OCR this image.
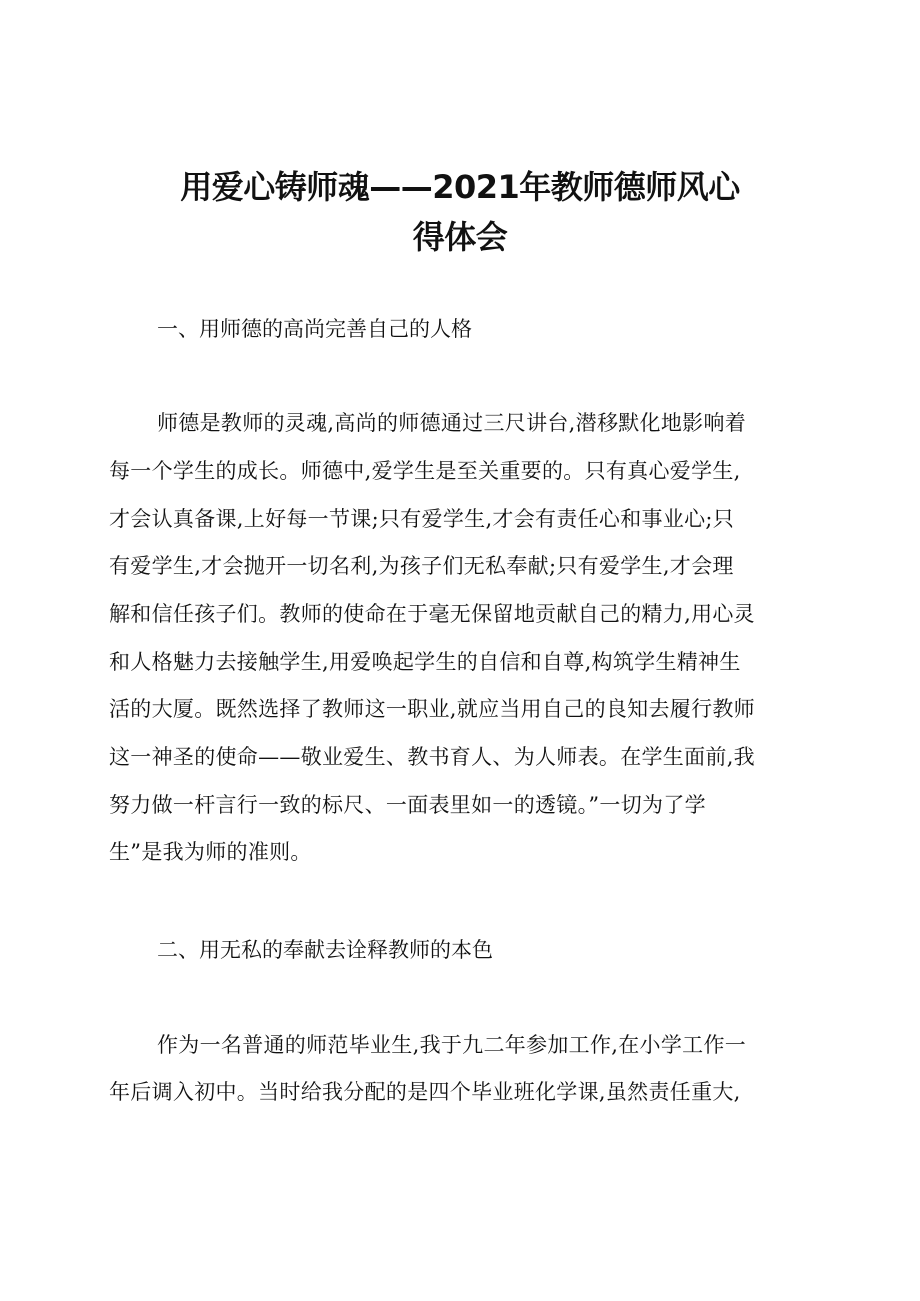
用爱心铸师魂——2021年教师德师风心
得体会

一、用师德的高尚完善自己的人格

师德是教师的灵魂,高尚的师德通过三尺讲台,潜移默化地影响着

每一个学生的成长。师德中,爱学生是至关重要的。只有真心爱学生,

才会认真备课,上好每一节课;只有爱学生,才会有责任心和事业心;只

有爱学生,才会抛开一切名利,为孩子们无私奉献;只有爱学生,才会理

解和信任孩子们。教师的使命在于毫无保留地贡献自己的精力,用心灵

和人格魅力去接触学生,用爱唤起学生的自信和自尊,构筑学生精神生

活的大厦。既然选择了教师这一职业,就应当用自己的良知去履行教师

这一神圣的使命——敬业爱生、教书育人、为人师表。在学生面前,我

努力做一杆言行一致的标尺、一面表里如一的透镜。”一切为了学

生”是我为师的准则。

二、用无私的奉献去诠释教师的本色

作为一名普通的师范毕业生,我于九二年参加工作,在小学工作一

年后调入初中。当时给我分配的是四个毕业班化学课,虽然责任重大,
